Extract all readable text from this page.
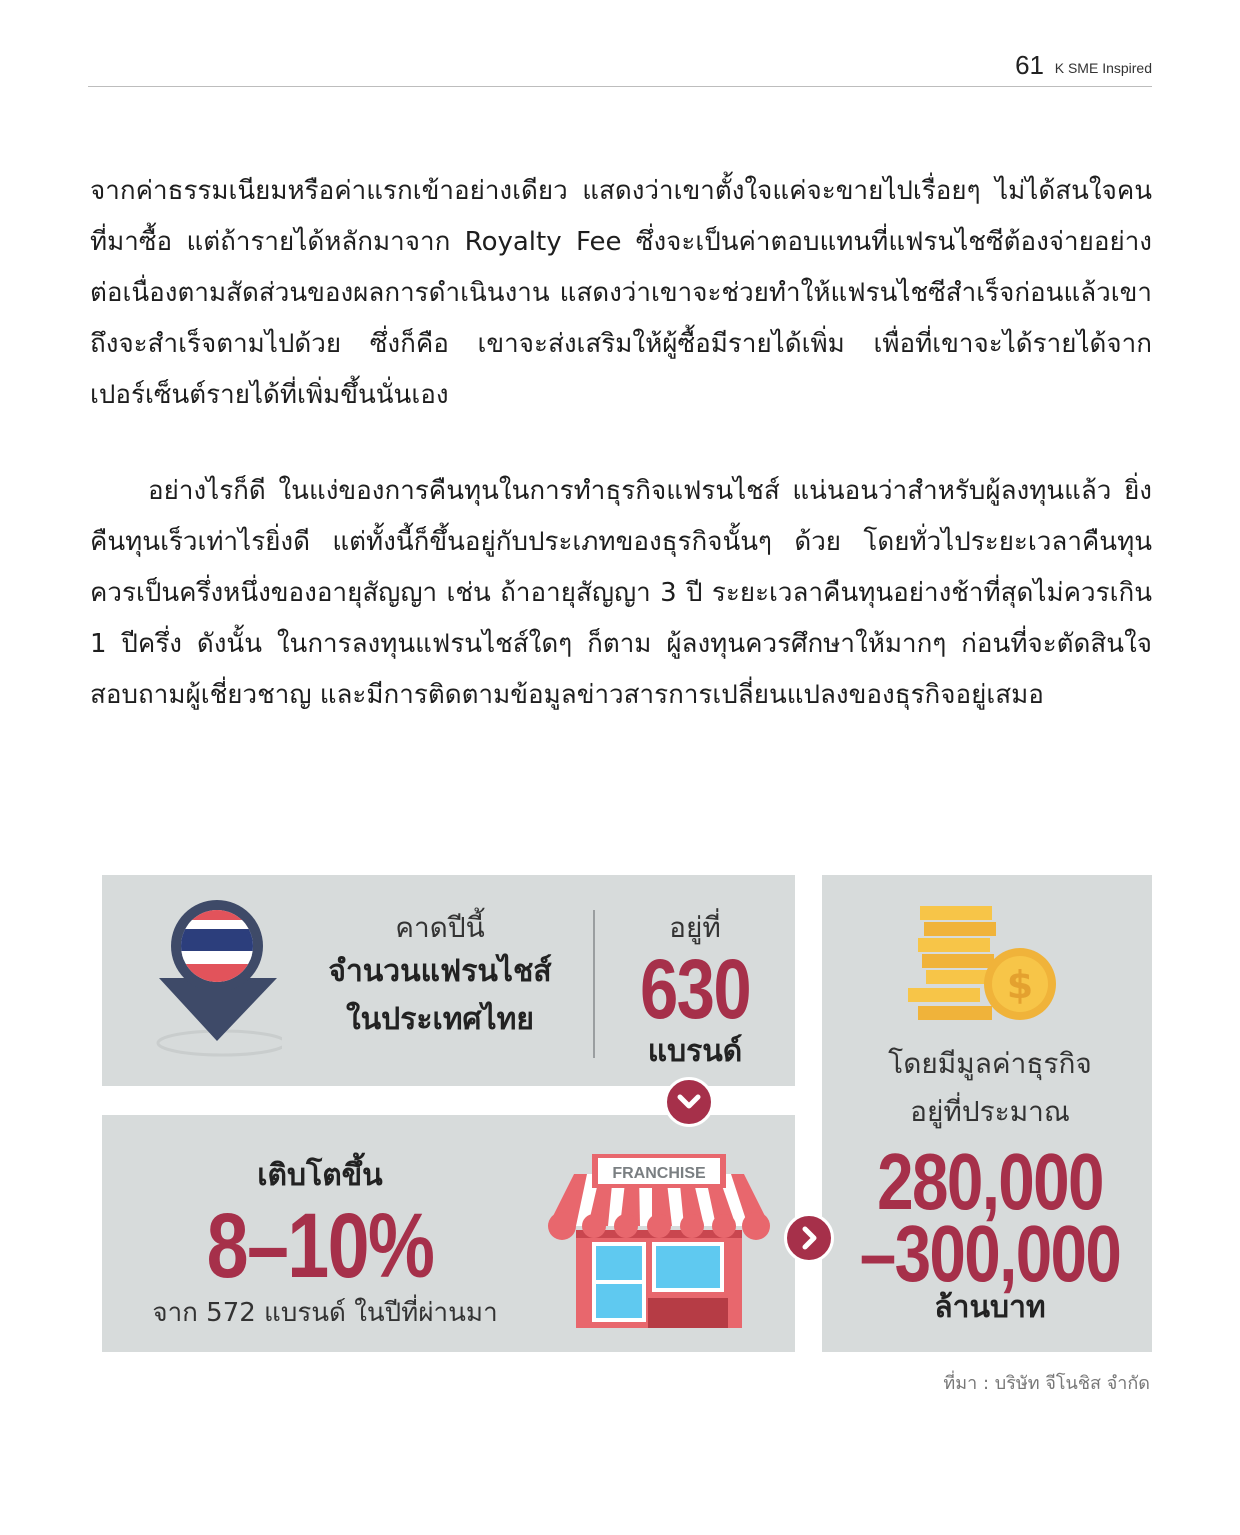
61 K SME Inspired

จากค่าธรรมเนียมหรือค่าแรกเข้าอย่างเดียว แสดงว่าเขาตั้งใจแค่จะขายไปเรื่อยๆ ไม่ได้สนใจคนที่มาซื้อ แต่ถ้ารายได้หลักมาจาก Royalty Fee ซึ่งจะเป็นค่าตอบแทนที่แฟรนไชซีต้องจ่ายอย่างต่อเนื่องตามสัดส่วนของผลการดำเนินงาน แสดงว่าเขาจะช่วยทำให้แฟรนไชซีสำเร็จก่อนแล้วเขาถึงจะสำเร็จตามไปด้วย ซึ่งก็คือ เขาจะส่งเสริมให้ผู้ซื้อมีรายได้เพิ่ม เพื่อที่เขาจะได้รายได้จากเปอร์เซ็นต์รายได้ที่เพิ่มขึ้นนั่นเอง

อย่างไรก็ดี ในแง่ของการคืนทุนในการทำธุรกิจแฟรนไชส์ แน่นอนว่าสำหรับผู้ลงทุนแล้ว ยิ่งคืนทุนเร็วเท่าไรยิ่งดี แต่ทั้งนี้ก็ขึ้นอยู่กับประเภทของธุรกิจนั้นๆ ด้วย โดยทั่วไประยะเวลาคืนทุนควรเป็นครึ่งหนึ่งของอายุสัญญา เช่น ถ้าอายุสัญญา 3 ปี ระยะเวลาคืนทุนอย่างช้าที่สุดไม่ควรเกิน 1 ปีครึ่ง ดังนั้น ในการลงทุนแฟรนไชส์ใดๆ ก็ตาม ผู้ลงทุนควรศึกษาให้มากๆ ก่อนที่จะตัดสินใจ สอบถามผู้เชี่ยวชาญ และมีการติดตามข้อมูลข่าวสารการเปลี่ยนแปลงของธุรกิจอยู่เสมอ

คาดปีนี้
จำนวนแฟรนไชส์
ในประเทศไทย
อยู่ที่
630
แบรนด์
เติบโตขึ้น
8–10%
จาก 572 แบรนด์ ในปีที่ผ่านมา
FRANCHISE
$
โดยมีมูลค่าธุรกิจ
อยู่ที่ประมาณ
280,000
–300,000
ล้านบาท
ที่มา : บริษัท จีโนชิส จำกัด
